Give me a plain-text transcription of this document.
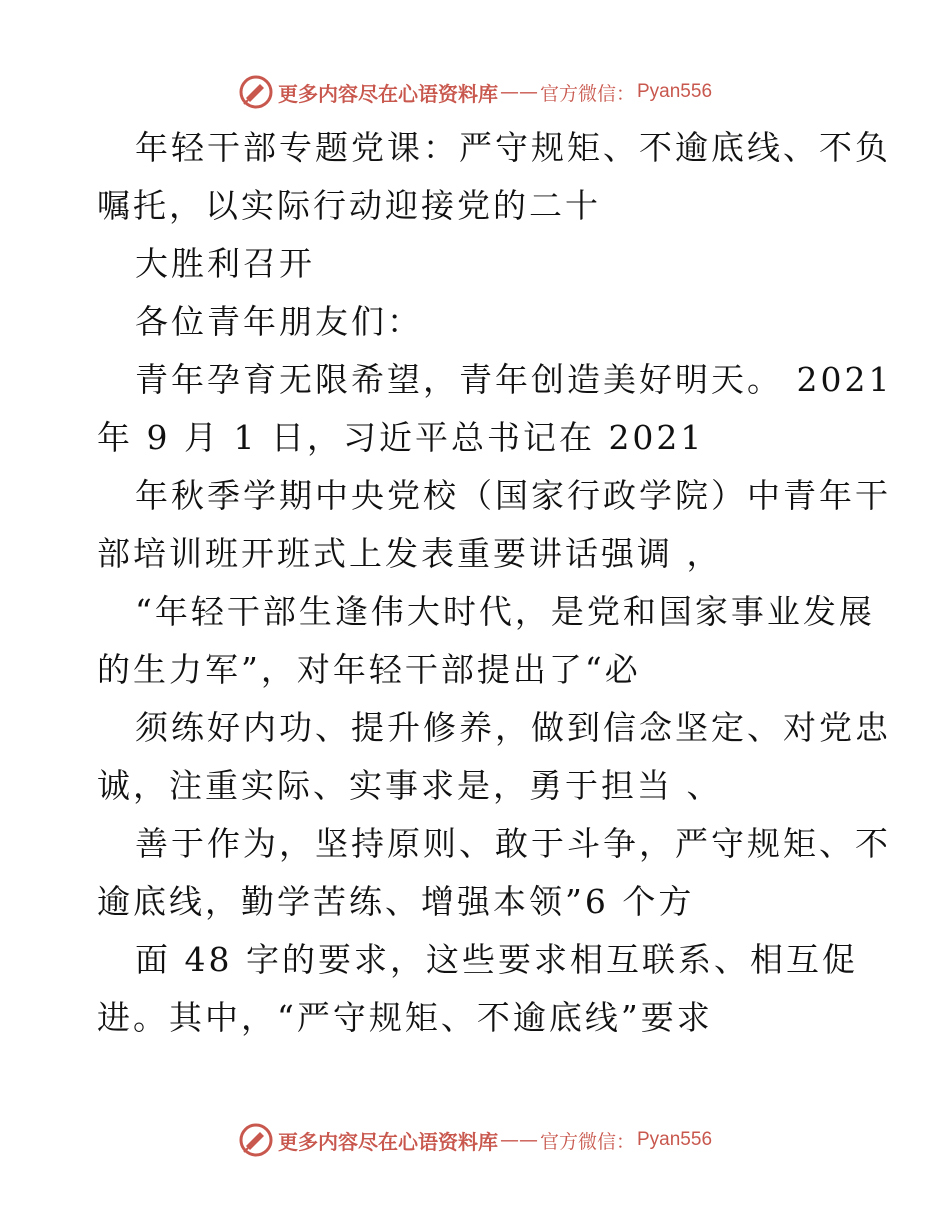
更多内容尽在心语资料库 —— 官方微信： Pyan556
更多内容尽在心语资料库 —— 官方微信： Pyan556
年轻干部专题党课：严守规矩、不逾底线、不负
嘱托，以实际行动迎接党的二十
大胜利召开
各位青年朋友们：
青年孕育无限希望，青年创造美好明天。 2021
年 9 月 1 日，习近平总书记在 2021
年秋季学期中央党校（国家行政学院）中青年干
部培训班开班式上发表重要讲话强调 ，
“年轻干部生逢伟大时代，是党和国家事业发展
的生力军”，对年轻干部提出了“必
须练好内功、提升修养，做到信念坚定、对党忠
诚，注重实际、实事求是，勇于担当 、
善于作为，坚持原则、敢于斗争，严守规矩、不
逾底线，勤学苦练、增强本领”6 个方
面 48 字的要求，这些要求相互联系、相互促
进。其中，“严守规矩、不逾底线”要求
